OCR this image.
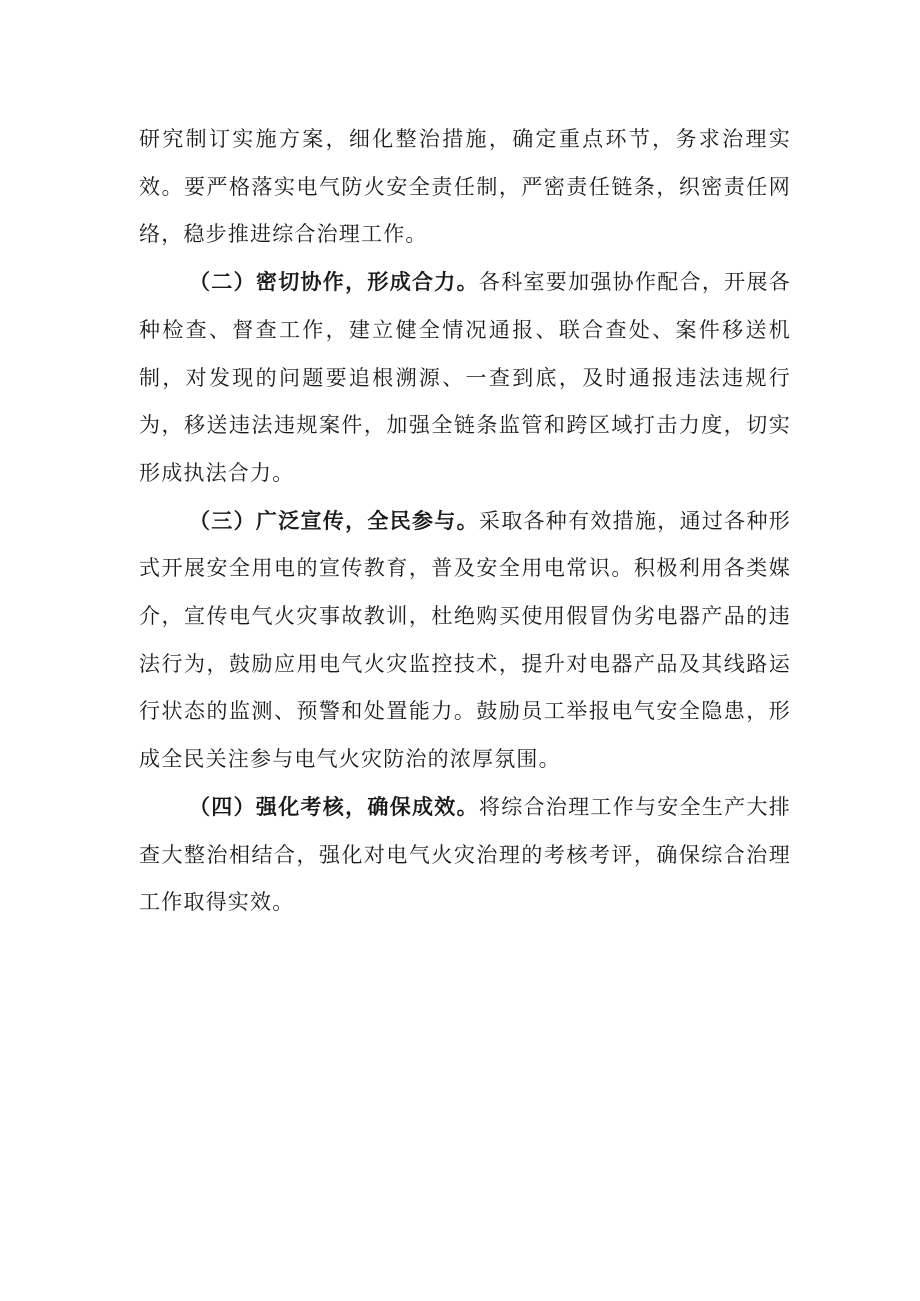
研究制订实施方案，细化整治措施，确定重点环节，务求治理实效。要严格落实电气防火安全责任制，严密责任链条，织密责任网络，稳步推进综合治理工作。

（二）密切协作，形成合力。各科室要加强协作配合，开展各种检查、督查工作，建立健全情况通报、联合查处、案件移送机制，对发现的问题要追根溯源、一查到底，及时通报违法违规行为，移送违法违规案件，加强全链条监管和跨区域打击力度，切实形成执法合力。

（三）广泛宣传，全民参与。采取各种有效措施，通过各种形式开展安全用电的宣传教育，普及安全用电常识。积极利用各类媒介，宣传电气火灾事故教训，杜绝购买使用假冒伪劣电器产品的违法行为，鼓励应用电气火灾监控技术，提升对电器产品及其线路运行状态的监测、预警和处置能力。鼓励员工举报电气安全隐患，形成全民关注参与电气火灾防治的浓厚氛围。

（四）强化考核，确保成效。将综合治理工作与安全生产大排查大整治相结合，强化对电气火灾治理的考核考评，确保综合治理工作取得实效。
